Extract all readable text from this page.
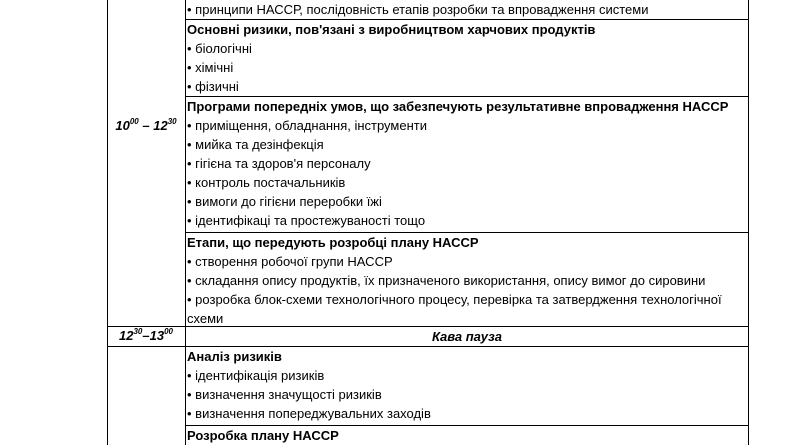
$10^{00} - 12^{30}$
• принципи НАССР, послідовність етапів розробки та впровадження системи
Основні ризики, пов'язані з виробництвом харчових продуктів
• біологічні
• хімічні
• фізичні
Програми попередніх умов, що забезпечують результативне впровадження НАССР
• приміщення, обладнання, інструменти
• мийка та дезінфекція
• гігієна та здоров'я персоналу
• контроль постачальників
• вимоги до гігієни переробки їжі
• ідентифікаці та простежуваності тощо
Етапи, що передують розробці плану НАССР
• створення робочої групи НАССР
• складання опису продуктів, їх призначеного використання, опису вимог до сировини
• розробка блок-схеми технологічного процесу, перевірка та затвердження технологічної
схеми
$12^{30}-13^{00}$	Кава пауза
Аналіз ризиків
• ідентифікація ризиків
• визначення значущості ризиків
• визначення попереджувальних заходів
Розробка плану НАССР
